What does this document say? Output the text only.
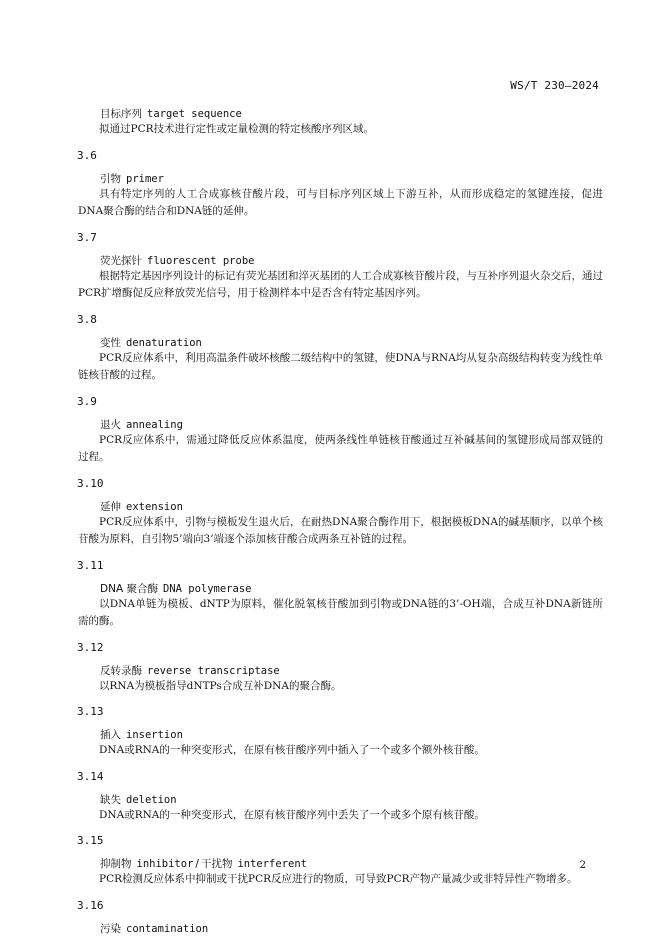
WS/T 230—2024
目标序列 target sequence
拟通过PCR技术进行定性或定量检测的特定核酸序列区域。
3.6
引物 primer
具有特定序列的人工合成寡核苷酸片段，可与目标序列区域上下游互补，从而形成稳定的氢键连接，促进DNA聚合酶的结合和DNA链的延伸。
3.7
荧光探针 fluorescent probe
根据特定基因序列设计的标记有荧光基团和淬灭基团的人工合成寡核苷酸片段，与互补序列退火杂交后，通过PCR扩增酶促反应释放荧光信号，用于检测样本中是否含有特定基因序列。
3.8
变性 denaturation
PCR反应体系中，利用高温条件破坏核酸二级结构中的氢键，使DNA与RNA均从复杂高级结构转变为线性单链核苷酸的过程。
3.9
退火 annealing
PCR反应体系中，需通过降低反应体系温度，使两条线性单链核苷酸通过互补碱基间的氢键形成局部双链的过程。
3.10
延伸 extension
PCR反应体系中，引物与模板发生退火后，在耐热DNA聚合酶作用下，根据模板DNA的碱基顺序，以单个核苷酸为原料，自引物5’端向3’端逐个添加核苷酸合成两条互补链的过程。
3.11
DNA 聚合酶 DNA polymerase
以DNA单链为模板、dNTP为原料，催化脱氧核苷酸加到引物或DNA链的3’-OH端，合成互补DNA新链所需的酶。
3.12
反转录酶 reverse transcriptase
以RNA为模板指导dNTPs合成互补DNA的聚合酶。
3.13
插入 insertion
DNA或RNA的一种突变形式，在原有核苷酸序列中插入了一个或多个额外核苷酸。
3.14
缺失 deletion
DNA或RNA的一种突变形式，在原有核苷酸序列中丢失了一个或多个原有核苷酸。
3.15
抑制物 inhibitor / 干扰物 interferent
PCR检测反应体系中抑制或干扰PCR反应进行的物质，可导致PCR产物产量减少或非特异性产物增多。
3.16
污染 contamination
2
